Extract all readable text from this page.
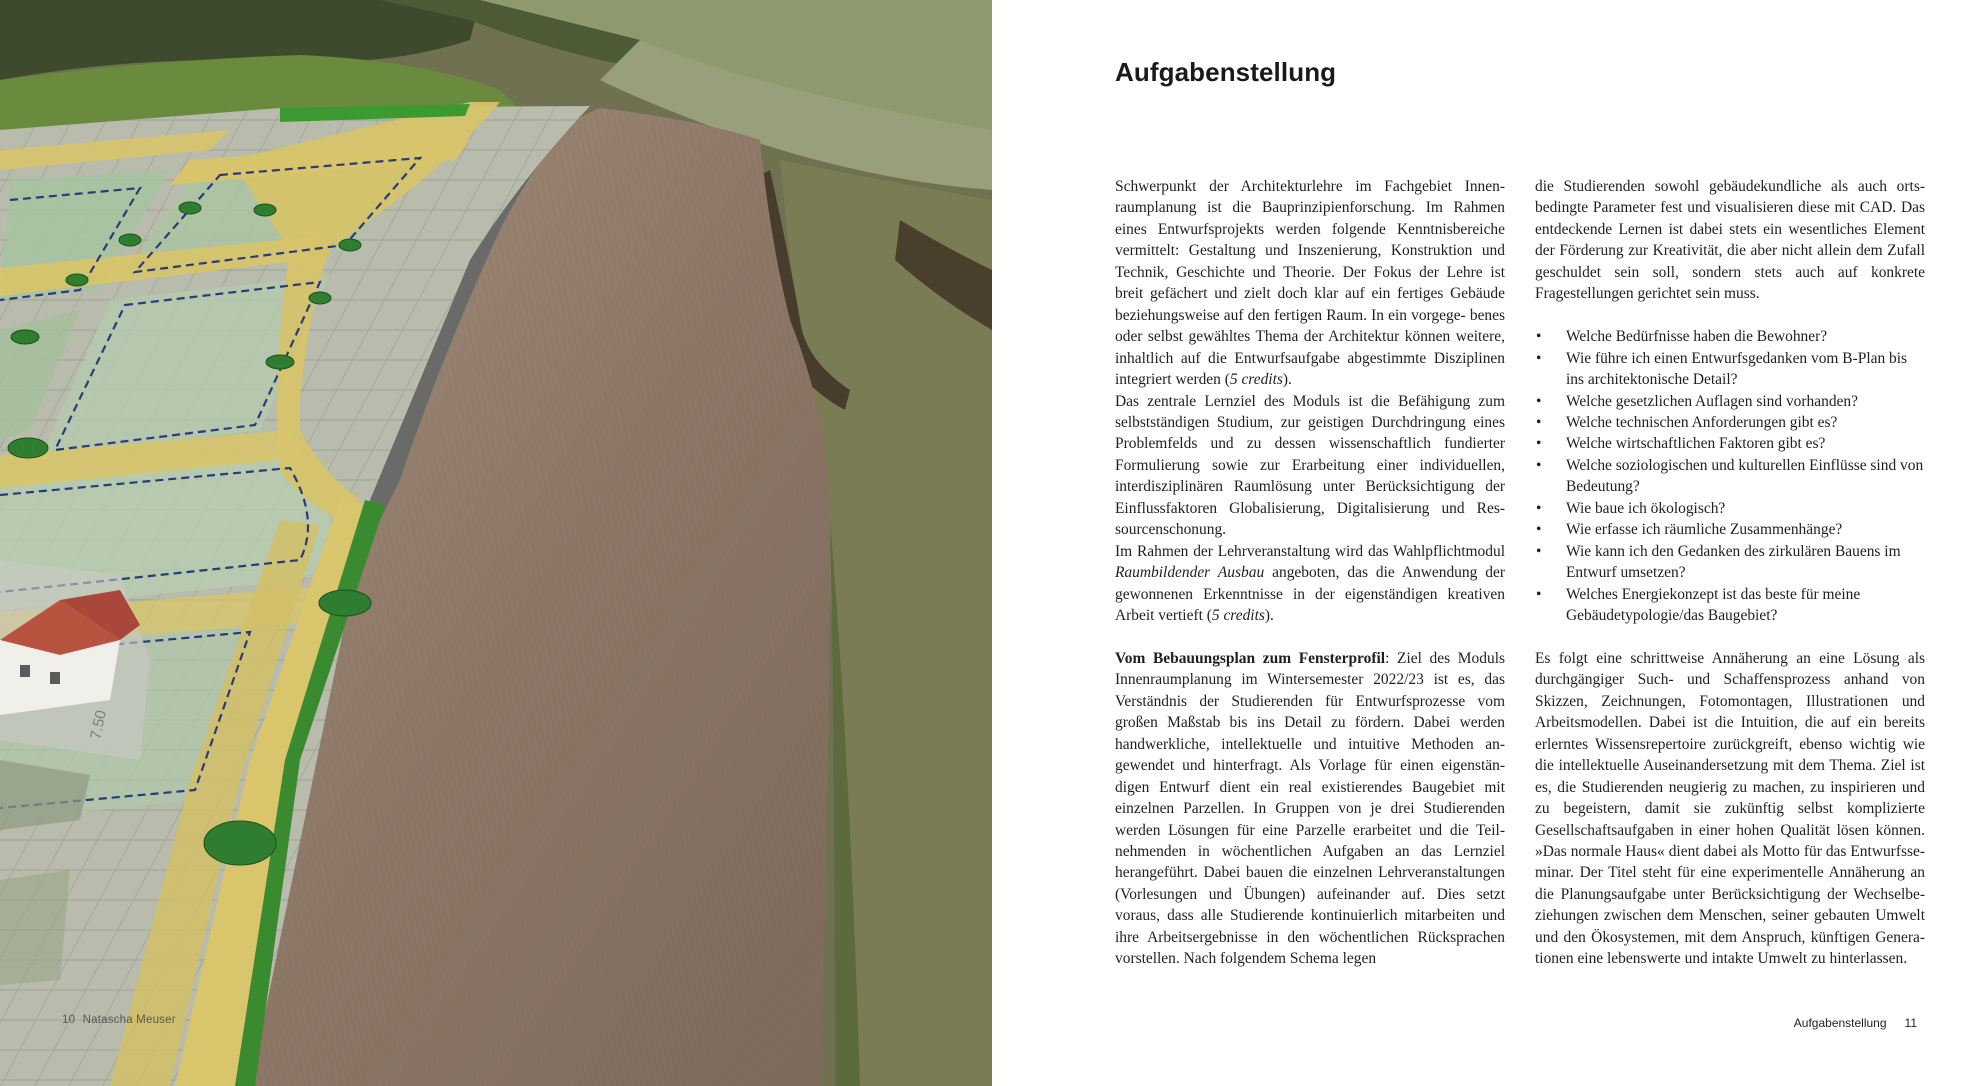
7.50
10 Natascha Meuser
Aufgabenstellung

Schwerpunkt der Architekturlehre im Fachgebiet Innen- raumplanung ist die Bauprinzipienforschung. Im Rahmen eines Entwurfsprojekts werden folgende Kenntnisbereiche vermittelt: Gestaltung und Inszenierung, Konstruktion und Technik, Geschichte und Theorie. Der Fokus der Lehre ist breit gefächert und zielt doch klar auf ein fertiges Gebäude beziehungsweise auf den fertigen Raum. In ein vorgege- benes oder selbst gewähltes Thema der Architektur können weitere, inhaltlich auf die Entwurfsaufgabe abgestimmte Disziplinen integriert werden (5 credits).

Das zentrale Lernziel des Moduls ist die Befähigung zum selbstständigen Studium, zur geistigen Durchdringung eines Problemfelds und zu dessen wissenschaftlich fundierter Formulierung sowie zur Erarbeitung einer individuellen, interdisziplinären Raumlösung unter Berücksichtigung der Einflussfaktoren Globalisierung, Digitalisierung und Ressourcenschonung.

Im Rahmen der Lehrveranstaltung wird das Wahlpflichtmodul Raumbildender Ausbau angeboten, das die Anwendung der gewonnenen Erkenntnisse in der eigenständigen kreativen Arbeit vertieft (5 credits).

Vom Bebauungsplan zum Fensterprofil: Ziel des Moduls Innenraumplanung im Wintersemester 2022/23 ist es, das Verständnis der Studierenden für Entwurfsprozesse vom großen Maßstab bis ins Detail zu fördern. Dabei werden handwerkliche, intellektuelle und intuitive Methoden angewendet und hinterfragt. Als Vorlage für einen eigenständigen Entwurf dient ein real existierendes Baugebiet mit einzelnen Parzellen. In Gruppen von je drei Studierenden werden Lösungen für eine Parzelle erarbeitet und die Teilnehmenden in wöchentlichen Aufgaben an das Lernziel herangeführt. Dabei bauen die einzelnen Lehrveranstaltungen (Vorlesungen und Übungen) aufeinander auf. Dies setzt voraus, dass alle Studierende kontinuierlich mitarbeiten und ihre Arbeitsergebnisse in den wöchentlichen Rücksprachen vorstellen. Nach folgendem Schema legen

die Studierenden sowohl gebäudekundliche als auch ortsbedingte Parameter fest und visualisieren diese mit CAD. Das entdeckende Lernen ist dabei stets ein wesentliches Element der Förderung zur Kreativität, die aber nicht allein dem Zufall geschuldet sein soll, sondern stets auch auf konkrete Fragestellungen gerichtet sein muss.

• Welche Bedürfnisse haben die Bewohner?
• Wie führe ich einen Entwurfsgedanken vom B-Plan bis ins architektonische Detail?
• Welche gesetzlichen Auflagen sind vorhanden?
• Welche technischen Anforderungen gibt es?
• Welche wirtschaftlichen Faktoren gibt es?
• Welche soziologischen und kulturellen Einflüsse sind von Bedeutung?
• Wie baue ich ökologisch?
• Wie erfasse ich räumliche Zusammenhänge?
• Wie kann ich den Gedanken des zirkulären Bauens im Entwurf umsetzen?
• Welches Energiekonzept ist das beste für meine Gebäudetypologie/das Baugebiet?

Es folgt eine schrittweise Annäherung an eine Lösung als durchgängiger Such- und Schaffensprozess anhand von Skizzen, Zeichnungen, Fotomontagen, Illustrationen und Arbeitsmodellen. Dabei ist die Intuition, die auf ein bereits erlerntes Wissensrepertoire zurückgreift, ebenso wichtig wie die intellektuelle Auseinandersetzung mit dem Thema. Ziel ist es, die Studierenden neugierig zu machen, zu inspirieren und zu begeistern, damit sie zukünftig selbst komplizierte Gesellschaftsaufgaben in einer hohen Qualität lösen können. »Das normale Haus« dient dabei als Motto für das Entwurfsseminar. Der Titel steht für eine experimentelle Annäherung an die Planungsaufgabe unter Berücksichtigung der Wechselbeziehungen zwischen dem Menschen, seiner gebauten Umwelt und den Ökosystemen, mit dem Anspruch, künftigen Generationen eine lebenswerte und intakte Umwelt zu hinterlassen.

Aufgabenstellung 11
